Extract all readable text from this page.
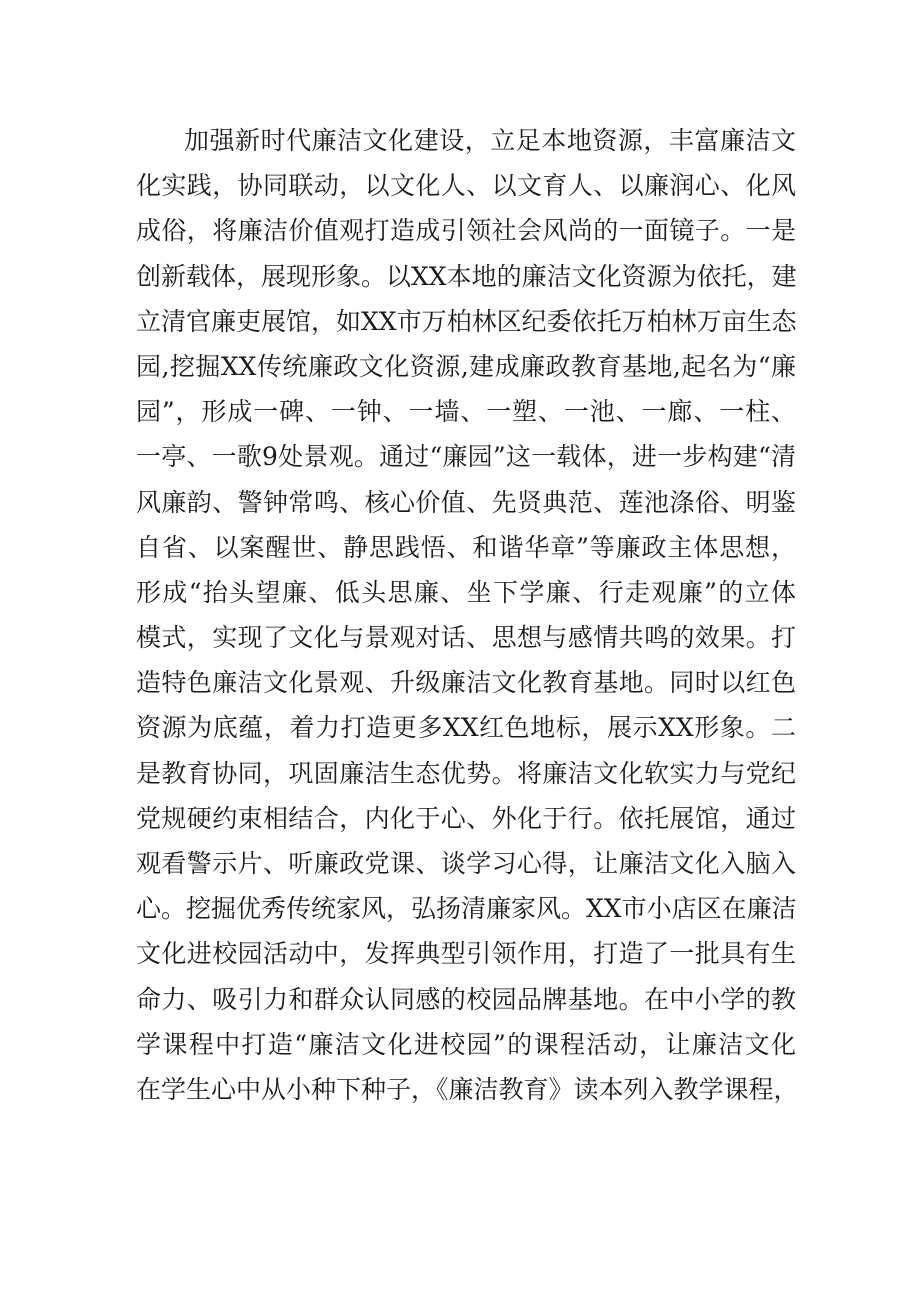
加强新时代廉洁文化建设，立足本地资源，丰富廉洁文
化实践，协同联动，以文化人、以文育人、以廉润心、化风
成俗，将廉洁价值观打造成引领社会风尚的一面镜子。一是
创新载体，展现形象。以XX本地的廉洁文化资源为依托，建
立清官廉吏展馆，如XX市万柏林区纪委依托万柏林万亩生态
园,挖掘XX传统廉政文化资源,建成廉政教育基地,起名为“廉
园”，形成一碑、一钟、一墙、一塑、一池、一廊、一柱、
一亭、一歌9处景观。通过“廉园”这一载体，进一步构建“清
风廉韵、警钟常鸣、核心价值、先贤典范、莲池涤俗、明鉴
自省、以案醒世、静思践悟、和谐华章”等廉政主体思想，
形成“抬头望廉、低头思廉、坐下学廉、行走观廉”的立体
模式，实现了文化与景观对话、思想与感情共鸣的效果。打
造特色廉洁文化景观、升级廉洁文化教育基地。同时以红色
资源为底蕴，着力打造更多XX红色地标，展示XX形象。二
是教育协同，巩固廉洁生态优势。将廉洁文化软实力与党纪
党规硬约束相结合，内化于心、外化于行。依托展馆，通过
观看警示片、听廉政党课、谈学习心得，让廉洁文化入脑入
心。挖掘优秀传统家风，弘扬清廉家风。XX市小店区在廉洁
文化进校园活动中，发挥典型引领作用，打造了一批具有生
命力、吸引力和群众认同感的校园品牌基地。在中小学的教
学课程中打造“廉洁文化进校园”的课程活动，让廉洁文化
在学生心中从小种下种子，《廉洁教育》读本列入教学课程，
